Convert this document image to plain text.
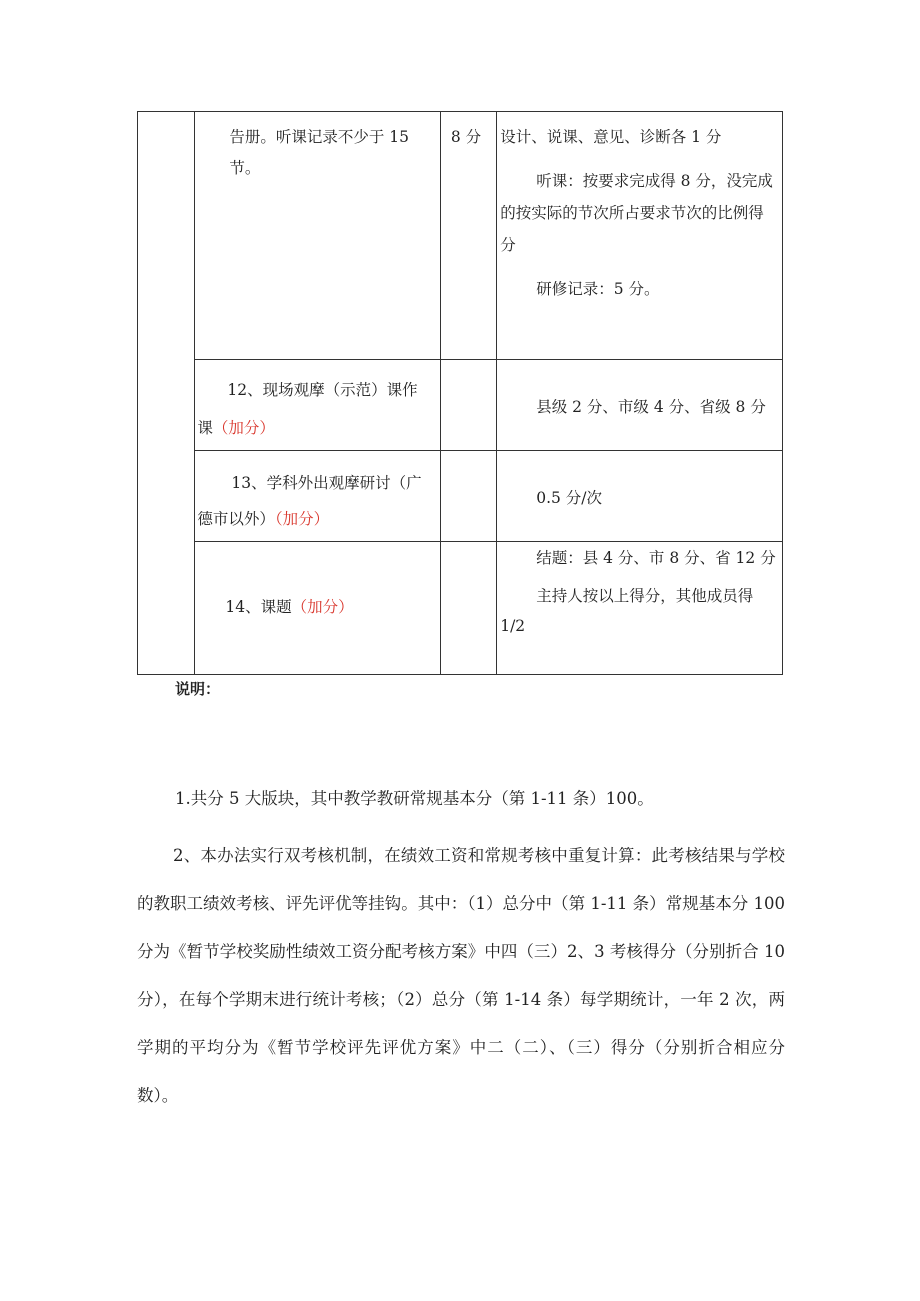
	告册。听课记录不少于 15 节。	8 分	设计、说课、意见、诊断各 1 分
听课：按要求完成得 8 分，没完成的按实际的节次所占要求节次的比例得分
研修记录：5 分。

	12、现场观摩（示范）课作课（加分）		县级 2 分、市级 4 分、省级 8 分

	13、学科外出观摩研讨（广德市以外）（加分）		0.5 分/次

	14、课题（加分）		结题：县 4 分、市 8 分、省 12 分
主持人按以上得分，其他成员得 1/2
说明：
1.共分 5 大版块，其中教学教研常规基本分（第 1-11 条）100。
2、本办法实行双考核机制，在绩效工资和常规考核中重复计算：此考核结果与学校的教职工绩效考核、评先评优等挂钩。其中：（1）总分中（第 1-11 条）常规基本分 100 分为《暂节学校奖励性绩效工资分配考核方案》中四（三）2、3 考核得分（分别折合 10 分），在每个学期末进行统计考核；（2）总分（第 1-14 条）每学期统计，一年 2 次，两学期的平均分为《暂节学校评先评优方案》中二（二）、（三）得分（分别折合相应分数）。
